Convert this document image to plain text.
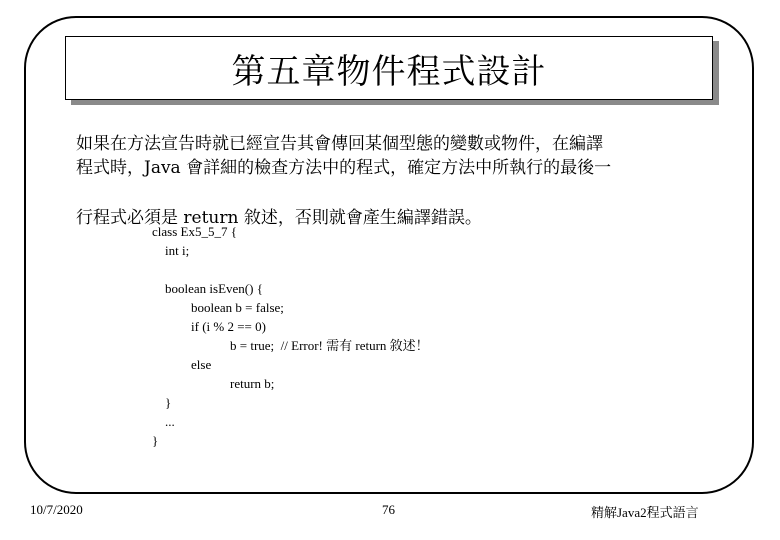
第五章物件程式設計
如果在方法宣告時就已經宣告其會傳回某個型態的變數或物件，在編譯
程式時，Java 會詳細的檢查方法中的程式，確定方法中所執行的最後一
行程式必須是 return 敘述，否則就會產生編譯錯誤。
class Ex5_5_7 {
int i;
boolean isEven() {
boolean b = false;
if (i % 2 == 0)
b = true;  // Error! 需有 return 敘述！
else
return b;
}
...
}
10/7/2020	76	精解Java2程式語言
